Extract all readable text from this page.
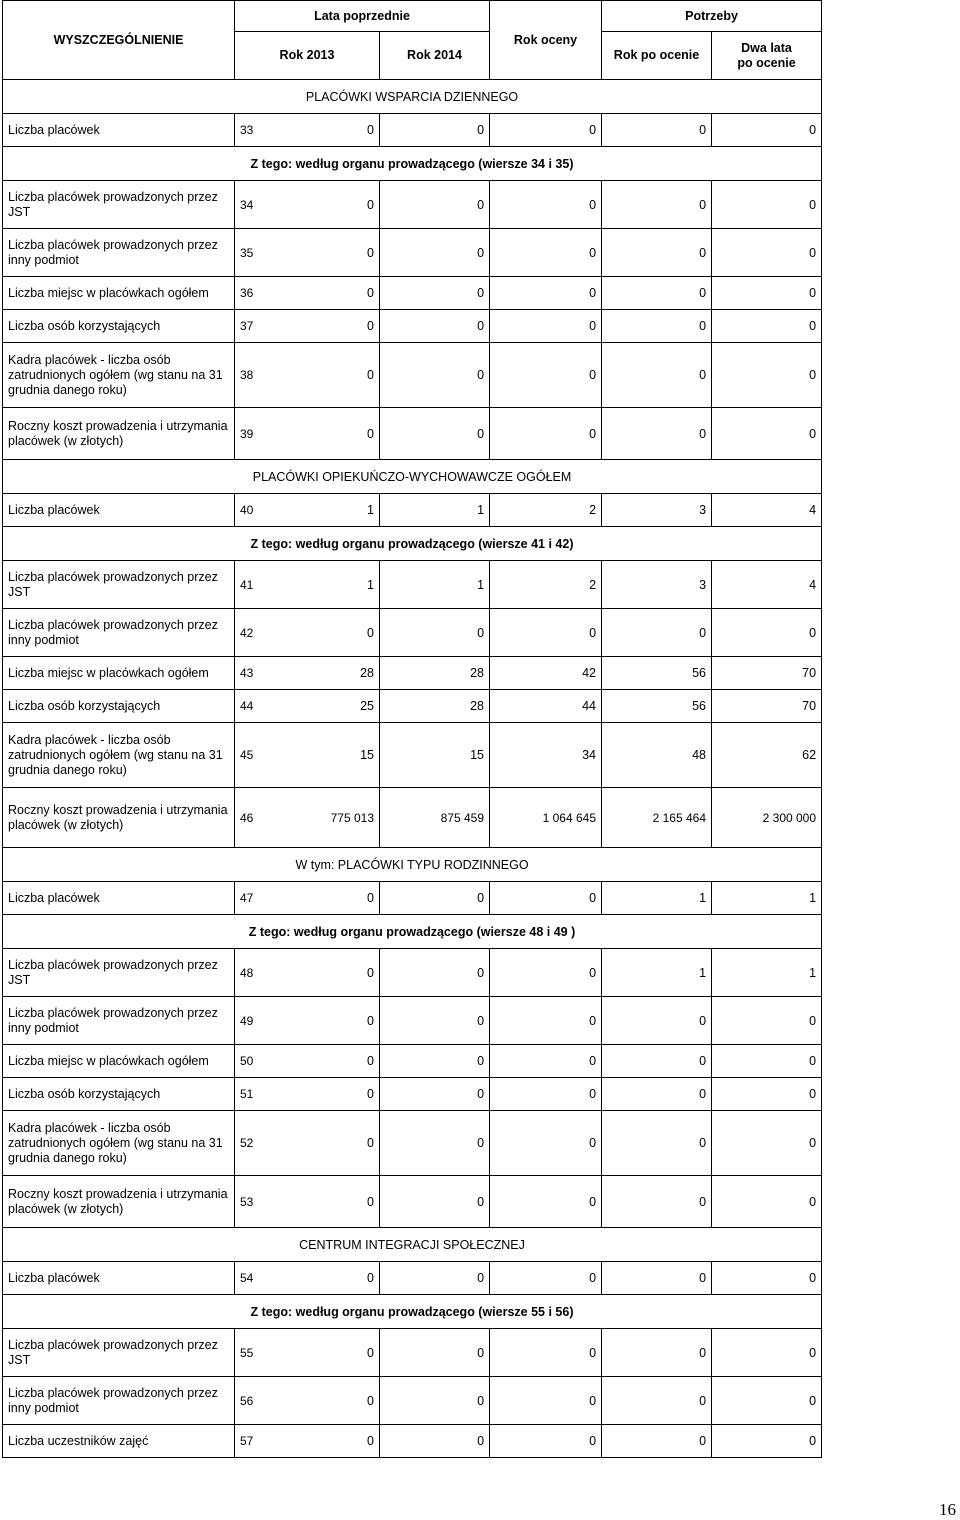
WYSZCZEGÓLNIENIE	Lata poprzednie			Rok oceny	Potrzeby	
	Rok 2013		Rok 2014		Rok po ocenie	Dwa lata
po ocenie
PLACÓWKI WSPARCIA DZIENNEGO						
Liczba placówek	33	0	0	0	0	0
Z tego: według organu prowadzącego (wiersze 34 i 35)						
Liczba placówek prowadzonych przez JST	34	0	0	0	0	0
Liczba placówek prowadzonych przez inny podmiot	35	0	0	0	0	0
Liczba miejsc w placówkach ogółem	36	0	0	0	0	0
Liczba osób korzystających	37	0	0	0	0	0
Kadra placówek - liczba osób zatrudnionych ogółem (wg stanu na 31 grudnia danego roku)	38	0	0	0	0	0
Roczny koszt prowadzenia i utrzymania placówek (w złotych)	39	0	0	0	0	0
PLACÓWKI OPIEKUŃCZO-WYCHOWAWCZE OGÓŁEM						
Liczba placówek	40	1	1	2	3	4
Z tego: według organu prowadzącego (wiersze 41 i 42)						
Liczba placówek prowadzonych przez JST	41	1	1	2	3	4
Liczba placówek prowadzonych przez inny podmiot	42	0	0	0	0	0
Liczba miejsc w placówkach ogółem	43	28	28	42	56	70
Liczba osób korzystających	44	25	28	44	56	70
Kadra placówek - liczba osób zatrudnionych ogółem (wg stanu na 31 grudnia danego roku)	45	15	15	34	48	62
Roczny koszt prowadzenia i utrzymania placówek (w złotych)	46	775 013	875 459	1 064 645	2 165 464	2 300 000
W tym: PLACÓWKI TYPU RODZINNEGO						
Liczba placówek	47	0	0	0	1	1
Z tego: według organu prowadzącego (wiersze 48 i 49 )						
Liczba placówek prowadzonych przez JST	48	0	0	0	1	1
Liczba placówek prowadzonych przez inny podmiot	49	0	0	0	0	0
Liczba miejsc w placówkach ogółem	50	0	0	0	0	0
Liczba osób korzystających	51	0	0	0	0	0
Kadra placówek - liczba osób zatrudnionych ogółem (wg stanu na 31 grudnia danego roku)	52	0	0	0	0	0
Roczny koszt prowadzenia i utrzymania placówek (w złotych)	53	0	0	0	0	0
CENTRUM INTEGRACJI SPOŁECZNEJ						
Liczba placówek	54	0	0	0	0	0
Z tego: według organu prowadzącego (wiersze 55 i 56)						
Liczba placówek prowadzonych przez JST	55	0	0	0	0	0
Liczba placówek prowadzonych przez inny podmiot	56	0	0	0	0	0
Liczba uczestników zajęć	57	0	0	0	0	0
16
